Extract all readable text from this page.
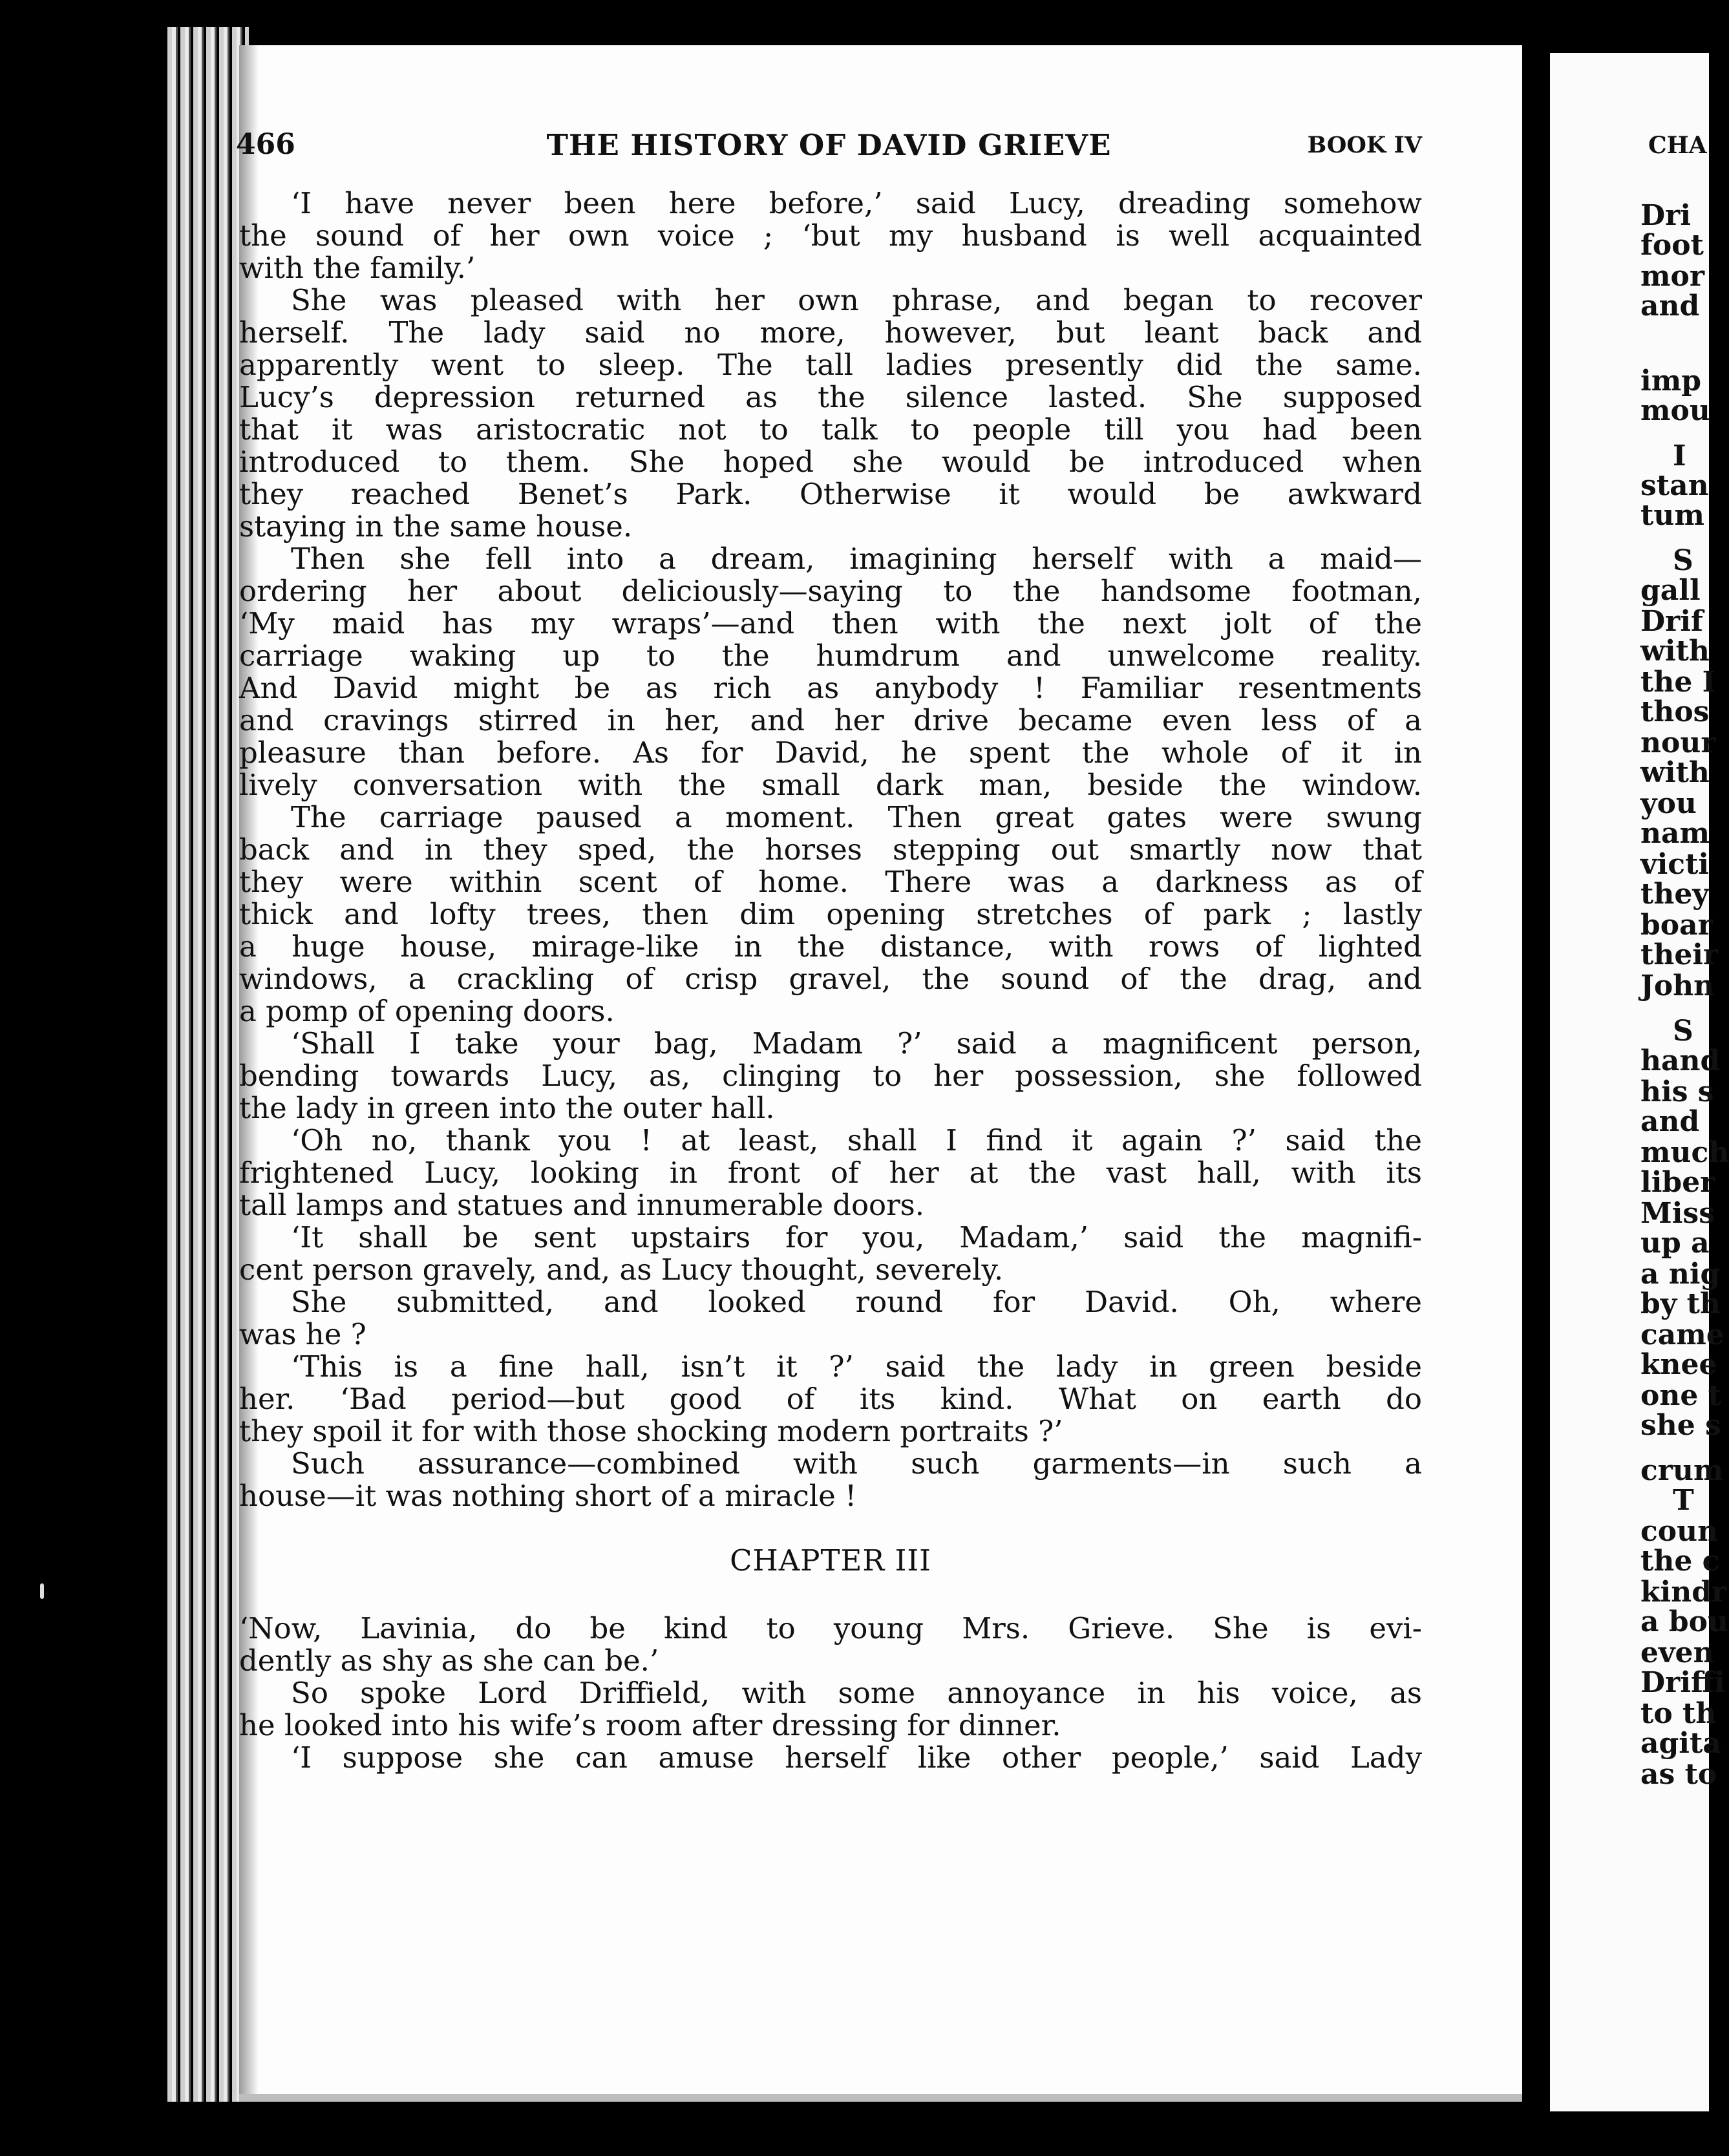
466	THE HISTORY OF DAVID GRIEVE	BOOK IV
‘I have never been here before,’ said Lucy, dreading somehow
the sound of her own voice ; ‘but my husband is well acquainted
with the family.’
She was pleased with her own phrase, and began to recover
herself. The lady said no more, however, but leant back and
apparently went to sleep. The tall ladies presently did the same.
Lucy’s depression returned as the silence lasted. She supposed
that it was aristocratic not to talk to people till you had been
introduced to them. She hoped she would be introduced when
they reached Benet’s Park. Otherwise it would be awkward
staying in the same house.
Then she fell into a dream, imagining herself with a maid—
ordering her about deliciously—saying to the handsome footman,
‘My maid has my wraps’—and then with the next jolt of the
carriage waking up to the humdrum and unwelcome reality.
And David might be as rich as anybody ! Familiar resentments
and cravings stirred in her, and her drive became even less of a
pleasure than before. As for David, he spent the whole of it in
lively conversation with the small dark man, beside the window.
The carriage paused a moment. Then great gates were swung
back and in they sped, the horses stepping out smartly now that
they were within scent of home. There was a darkness as of
thick and lofty trees, then dim opening stretches of park ; lastly
a huge house, mirage-like in the distance, with rows of lighted
windows, a crackling of crisp gravel, the sound of the drag, and
a pomp of opening doors.
‘Shall I take your bag, Madam ?’ said a magnificent person,
bending towards Lucy, as, clinging to her possession, she followed
the lady in green into the outer hall.
‘Oh no, thank you ! at least, shall I find it again ?’ said the
frightened Lucy, looking in front of her at the vast hall, with its
tall lamps and statues and innumerable doors.
‘It shall be sent upstairs for you, Madam,’ said the magnifi-
cent person gravely, and, as Lucy thought, severely.
She submitted, and looked round for David. Oh, where
was he ?
‘This is a fine hall, isn’t it ?’ said the lady in green beside
her. ‘Bad period—but good of its kind. What on earth do
they spoil it for with those shocking modern portraits ?’
Such assurance—combined with such garments—in such a
house—it was nothing short of a miracle !
CHAPTER III
‘Now, Lavinia, do be kind to young Mrs. Grieve. She is evi-
dently as shy as she can be.’
So spoke Lord Driffield, with some annoyance in his voice, as
he looked into his wife’s room after dressing for dinner.
‘I suppose she can amuse herself like other people,’ said Lady
CHA
Dri
foot
mor
and
imp
mou
I
stan
tum
S
gall
Drif
with
the I
thos
nour
with
you
nam
victi
they
boar
their
John
S
hand
his s
and
much
liber
Miss
up a
a nig
by th
came
knee
one t
she s
crum
T
coun
the c
kindr
a bou
even
Driffi
to th
agita
as to
